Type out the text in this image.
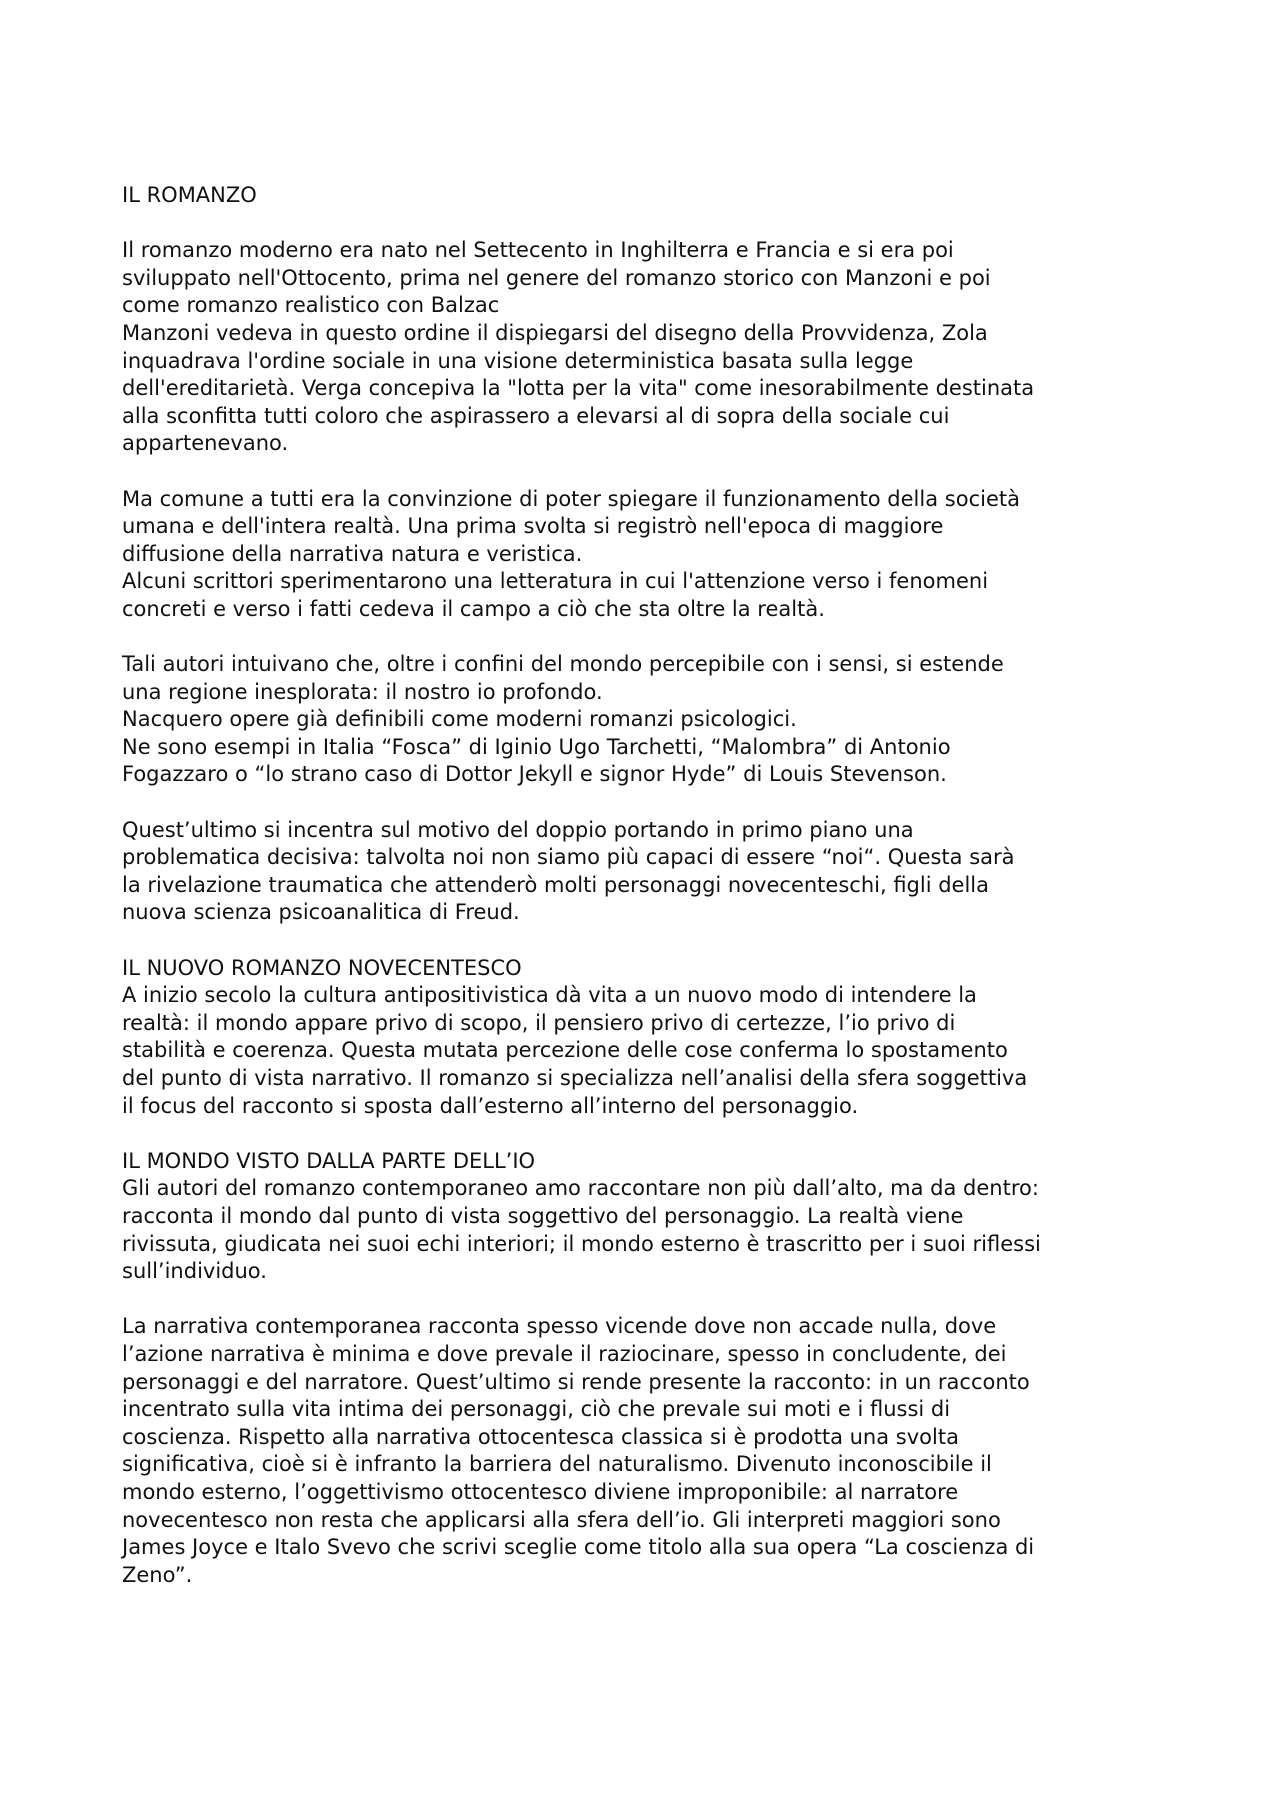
IL ROMANZO

Il romanzo moderno era nato nel Settecento in Inghilterra e Francia e si era poi
sviluppato nell'Ottocento, prima nel genere del romanzo storico con Manzoni e poi
come romanzo realistico con Balzac
Manzoni vedeva in questo ordine il dispiegarsi del disegno della Provvidenza, Zola
inquadrava l'ordine sociale in una visione deterministica basata sulla legge
dell'ereditarietà. Verga concepiva la "lotta per la vita" come inesorabilmente destinata
alla sconfitta tutti coloro che aspirassero a elevarsi al di sopra della sociale cui
appartenevano.

Ma comune a tutti era la convinzione di poter spiegare il funzionamento della società
umana e dell'intera realtà. Una prima svolta si registrò nell'epoca di maggiore
diffusione della narrativa natura e veristica.
Alcuni scrittori sperimentarono una letteratura in cui l'attenzione verso i fenomeni
concreti e verso i fatti cedeva il campo a ciò che sta oltre la realtà.

Tali autori intuivano che, oltre i confini del mondo percepibile con i sensi, si estende
una regione inesplorata: il nostro io profondo.
Nacquero opere già definibili come moderni romanzi psicologici.
Ne sono esempi in Italia “Fosca” di Iginio Ugo Tarchetti, “Malombra” di Antonio
Fogazzaro o “lo strano caso di Dottor Jekyll e signor Hyde” di Louis Stevenson.

Quest’ultimo si incentra sul motivo del doppio portando in primo piano una
problematica decisiva: talvolta noi non siamo più capaci di essere “noi“. Questa sarà
la rivelazione traumatica che attenderò molti personaggi novecenteschi, figli della
nuova scienza psicoanalitica di Freud.

IL NUOVO ROMANZO NOVECENTESCO
A inizio secolo la cultura antipositivistica dà vita a un nuovo modo di intendere la
realtà: il mondo appare privo di scopo, il pensiero privo di certezze, l’io privo di
stabilità e coerenza. Questa mutata percezione delle cose conferma lo spostamento
del punto di vista narrativo. Il romanzo si specializza nell’analisi della sfera soggettiva
il focus del racconto si sposta dall’esterno all’interno del personaggio.

IL MONDO VISTO DALLA PARTE DELL’IO
Gli autori del romanzo contemporaneo amo raccontare non più dall’alto, ma da dentro:
racconta il mondo dal punto di vista soggettivo del personaggio. La realtà viene
rivissuta, giudicata nei suoi echi interiori; il mondo esterno è trascritto per i suoi riflessi
sull’individuo.

La narrativa contemporanea racconta spesso vicende dove non accade nulla, dove
l’azione narrativa è minima e dove prevale il raziocinare, spesso in concludente, dei
personaggi e del narratore. Quest’ultimo si rende presente la racconto: in un racconto
incentrato sulla vita intima dei personaggi, ciò che prevale sui moti e i flussi di
coscienza. Rispetto alla narrativa ottocentesca classica si è prodotta una svolta
significativa, cioè si è infranto la barriera del naturalismo. Divenuto inconoscibile il
mondo esterno, l’oggettivismo ottocentesco diviene improponibile: al narratore
novecentesco non resta che applicarsi alla sfera dell’io. Gli interpreti maggiori sono
James Joyce e Italo Svevo che scrivi sceglie come titolo alla sua opera “La coscienza di
Zeno”.
